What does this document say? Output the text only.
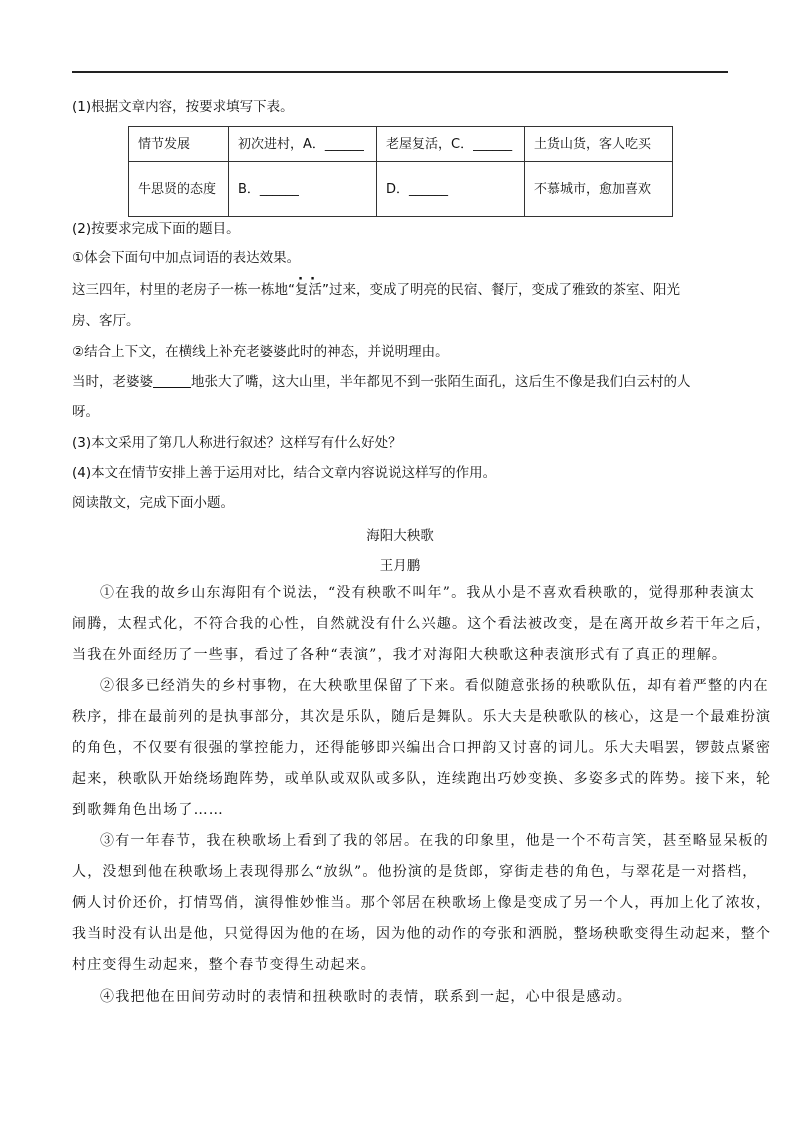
(1)根据文章内容，按要求填写下表。
情节发展	初次进村，A．______	老屋复活，C．______	土货山货，客人吃买
牛思贤的态度	B．______	D．______	不慕城市，愈加喜欢
(2)按要求完成下面的题目。
①体会下面句中加点词语的表达效果。
这三四年，村里的老房子一栋一栋地“复活”过来，变成了明亮的民宿、餐厅，变成了雅致的茶室、阳光
房、客厅。
②结合上下文，在横线上补充老婆婆此时的神态，并说明理由。
当时，老婆婆	地张大了嘴，这大山里，半年都见不到一张陌生面孔，这后生不像是我们白云村的人
呀。
(3)本文采用了第几人称进行叙述？这样写有什么好处？
(4)本文在情节安排上善于运用对比，结合文章内容说说这样写的作用。
阅读散文，完成下面小题。
海阳大秧歌
王月鹏
①在我的故乡山东海阳有个说法，“没有秧歌不叫年”。我从小是不喜欢看秧歌的，觉得那种表演太
闹腾，太程式化，不符合我的心性，自然就没有什么兴趣。这个看法被改变，是在离开故乡若干年之后，
当我在外面经历了一些事，看过了各种“表演”，我才对海阳大秧歌这种表演形式有了真正的理解。
②很多已经消失的乡村事物，在大秧歌里保留了下来。看似随意张扬的秧歌队伍，却有着严整的内在
秩序，排在最前列的是执事部分，其次是乐队，随后是舞队。乐大夫是秧歌队的核心，这是一个最难扮演
的角色，不仅要有很强的掌控能力，还得能够即兴编出合口押韵又讨喜的词儿。乐大夫唱罢，锣鼓点紧密
起来，秧歌队开始绕场跑阵势，或单队或双队或多队，连续跑出巧妙变换、多姿多式的阵势。接下来，轮
到歌舞角色出场了……
③有一年春节，我在秧歌场上看到了我的邻居。在我的印象里，他是一个不苟言笑，甚至略显呆板的
人，没想到他在秧歌场上表现得那么“放纵”。他扮演的是货郎，穿街走巷的角色，与翠花是一对搭档，
俩人讨价还价，打情骂俏，演得惟妙惟当。那个邻居在秧歌场上像是变成了另一个人，再加上化了浓妆，
我当时没有认出是他，只觉得因为他的在场，因为他的动作的夸张和洒脱，整场秧歌变得生动起来，整个
村庄变得生动起来，整个春节变得生动起来。
④我把他在田间劳动时的表情和扭秧歌时的表情，联系到一起，心中很是感动。
